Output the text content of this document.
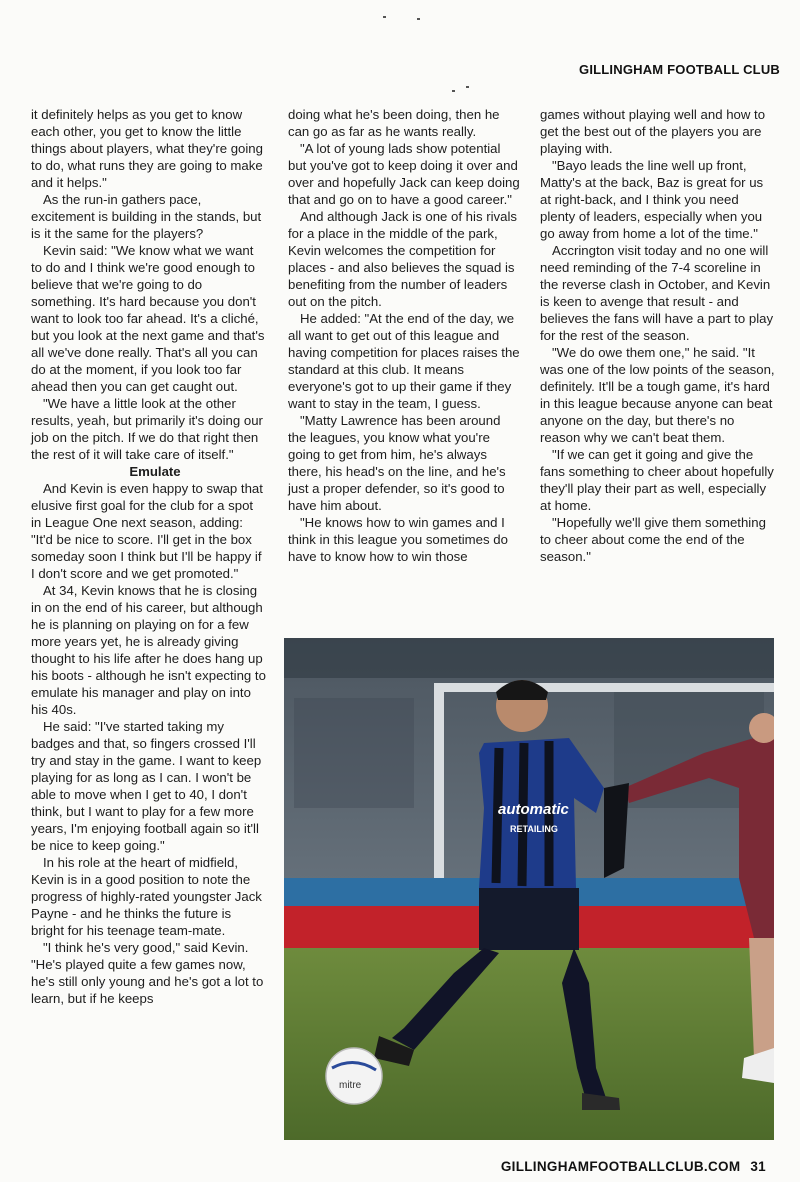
GILLINGHAM FOOTBALL CLUB

it definitely helps as you get to know each other, you get to know the little things about players, what they're going to do, what runs they are going to make and it helps."

As the run-in gathers pace, excitement is building in the stands, but is it the same for the players?

Kevin said: "We know what we want to do and I think we're good enough to believe that we're going to do something. It's hard because you don't want to look too far ahead. It's a cliché, but you look at the next game and that's all we've done really. That's all you can do at the moment, if you look too far ahead then you can get caught out.

"We have a little look at the other results, yeah, but primarily it's doing our job on the pitch. If we do that right then the rest of it will take care of itself."

Emulate

And Kevin is even happy to swap that elusive first goal for the club for a spot in League One next season, adding: "It'd be nice to score. I'll get in the box someday soon I think but I'll be happy if I don't score and we get promoted."

At 34, Kevin knows that he is closing in on the end of his career, but although he is planning on playing on for a few more years yet, he is already giving thought to his life after he does hang up his boots - although he isn't expecting to emulate his manager and play on into his 40s.

He said: "I've started taking my badges and that, so fingers crossed I'll try and stay in the game. I want to keep playing for as long as I can. I won't be able to move when I get to 40, I don't think, but I want to play for a few more years, I'm enjoying football again so it'll be nice to keep going."

In his role at the heart of midfield, Kevin is in a good position to note the progress of highly-rated youngster Jack Payne - and he thinks the future is bright for his teenage team-mate.

"I think he's very good," said Kevin. "He's played quite a few games now, he's still only young and he's got a lot to learn, but if he keeps

doing what he's been doing, then he can go as far as he wants really.

"A lot of young lads show potential but you've got to keep doing it over and over and hopefully Jack can keep doing that and go on to have a good career."

And although Jack is one of his rivals for a place in the middle of the park, Kevin welcomes the competition for places - and also believes the squad is benefiting from the number of leaders out on the pitch.

He added: "At the end of the day, we all want to get out of this league and having competition for places raises the standard at this club. It means everyone's got to up their game if they want to stay in the team, I guess.

"Matty Lawrence has been around the leagues, you know what you're going to get from him, he's always there, his head's on the line, and he's just a proper defender, so it's good to have him about.

"He knows how to win games and I think in this league you sometimes do have to know how to win those

games without playing well and how to get the best out of the players you are playing with.

"Bayo leads the line well up front, Matty's at the back, Baz is great for us at right-back, and I think you need plenty of leaders, especially when you go away from home a lot of the time."

Accrington visit today and no one will need reminding of the 7-4 scoreline in the reverse clash in October, and Kevin is keen to avenge that result - and believes the fans will have a part to play for the rest of the season.

"We do owe them one," he said. "It was one of the low points of the season, definitely. It'll be a tough game, it's hard in this league because anyone can beat anyone on the day, but there's no reason why we can't beat them.

"If we can get it going and give the fans something to cheer about hopefully they'll play their part as well, especially at home.

"Hopefully we'll give them something to cheer about come the end of the season."

automatic
RETAILING
mitre
GILLINGHAMFOOTBALLCLUB.COM 31
